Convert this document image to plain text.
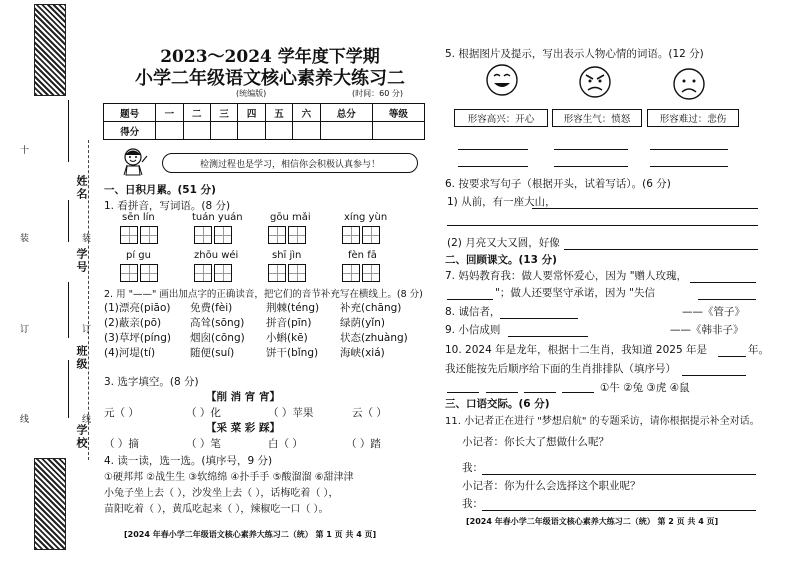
姓名
学号
班级
学校
十
装
订
线
装
订
线
2023～2024 学年度下学期
小学二年级语文核心素养大练习二
(统编版)	(时间：60 分)
题号	一	二	三	四	五	六	总分	等级
得分								
检测过程也是学习，相信你会积极认真参与！
一、日积月累。(51 分)
1. 看拼音，写词语。(8 分)
sēn lín	tuán yuán	gōu mǎi	xíng yùn
pí gu	zhōu wéi	shī jìn	fèn fā
2. 用 "——" 画出加点字的正确读音，把它们的音节补充写在横线上。(8 分)
(1)漂亮(piāo) 免费(fèi)	荆棘(téng) 补充(chāng)
(2)蔽亲(pō)	高耸(sōng) 拼音(pīn)	绿荫(yǐn)
(3)草坪(píng) 烟囱(cōng) 小蝌(kē)	状态(zhuàng)
(4)河堤(tí)	随便(suí)	饼干(bǐng) 海峡(xiá)
3. 选字填空。(8 分)
【削 消 宵 宵】
元（ ）	（ ）化	（ ）苹果	云（ ）
【采 菜 彩 踩】
（ ）摘	（ ）笔	白（ ）	（ ）踏
4. 读一读，选一选。(填序号，9 分)
①硬邦邦 ②战生生 ③软绵绵 ④扑手手 ⑤酸溜溜 ⑥甜津津
小兔子坐上去（ ），沙发坐上去（ ），话梅吃着（ ），
苗阳吃着（ ），黄瓜吃起来（ ），辣椒吃一口（ ）。
[2024 年春小学二年级语文核心素养大练习二（统） 第 1 页 共 4 页]
5. 根据图片及提示，写出表示人物心情的词语。(12 分)
形容高兴：开心	形容生气：愤怒	形容难过：悲伤
6. 按要求写句子（根据开头，试着写话）。(6 分)
1) 从前，有一座大山，
(2) 月亮又大又圆，好像
二、回顾课文。(13 分)
7. 妈妈教育我：做人要常怀爱心，因为 "赠人玫瑰，
"；做人还要坚守承诺，因为 "失信
8. 诚信者，	——《管子》
9. 小信成则	——《韩非子》
10. 2024 年是龙年，根据十二生肖，我知道 2025 年是	年。
我还能按先后顺序给下面的生肖排排队（填序号）
①牛 ②兔 ③虎 ④鼠
三、口语交际。(6 分)
11. 小记者正在进行 "梦想启航" 的专题采访，请你根据提示补全对话。
小记者：你长大了想做什么呢？
我：
小记者：你为什么会选择这个职业呢？
我：
[2024 年春小学二年级语文核心素养大练习二（统） 第 2 页 共 4 页]
